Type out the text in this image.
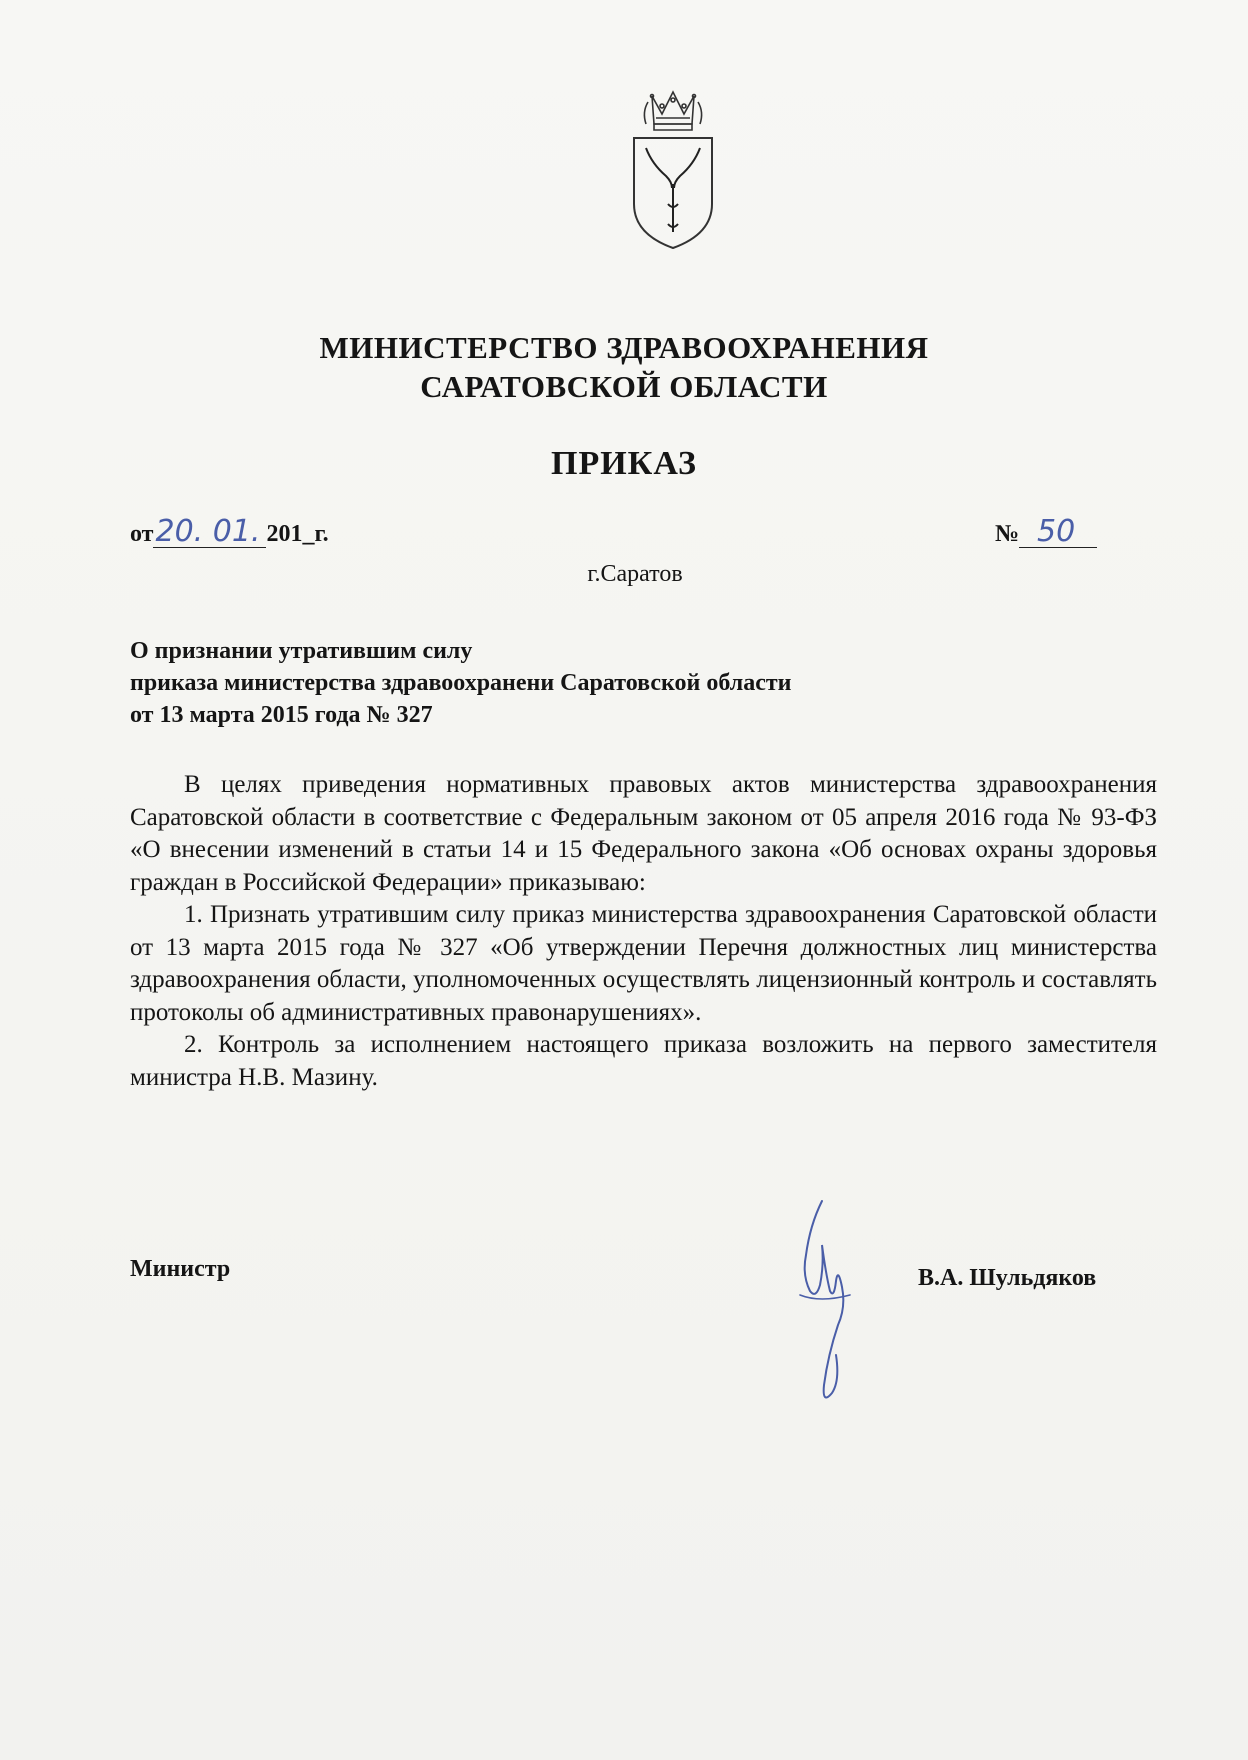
МИНИСТЕРСТВО ЗДРАВООХРАНЕНИЯ
САРАТОВСКОЙ ОБЛАСТИ
ПРИКАЗ
от20. 01. 201_г.	№ 50
г.Саратов
О признании утратившим силу
приказа министерства здравоохранени Саратовской области
от 13 марта 2015 года № 327

В целях приведения нормативных правовых актов министерства здравоохранения Саратовской области в соответствие с Федеральным законом от 05 апреля 2016 года № 93-ФЗ «О внесении изменений в статьи 14 и 15 Федерального закона «Об основах охраны здоровья граждан в Российской Федерации» приказываю:

1. Признать утратившим силу приказ министерства здравоохранения Саратовской области от 13 марта 2015 года № 327 «Об утверждении Перечня должностных лиц министерства здравоохранения области, уполномоченных осуществлять лицензионный контроль и составлять протоколы об административных правонарушениях».

2. Контроль за исполнением настоящего приказа возложить на первого заместителя министра Н.В. Мазину.

Министр	В.А. Шульдяков
